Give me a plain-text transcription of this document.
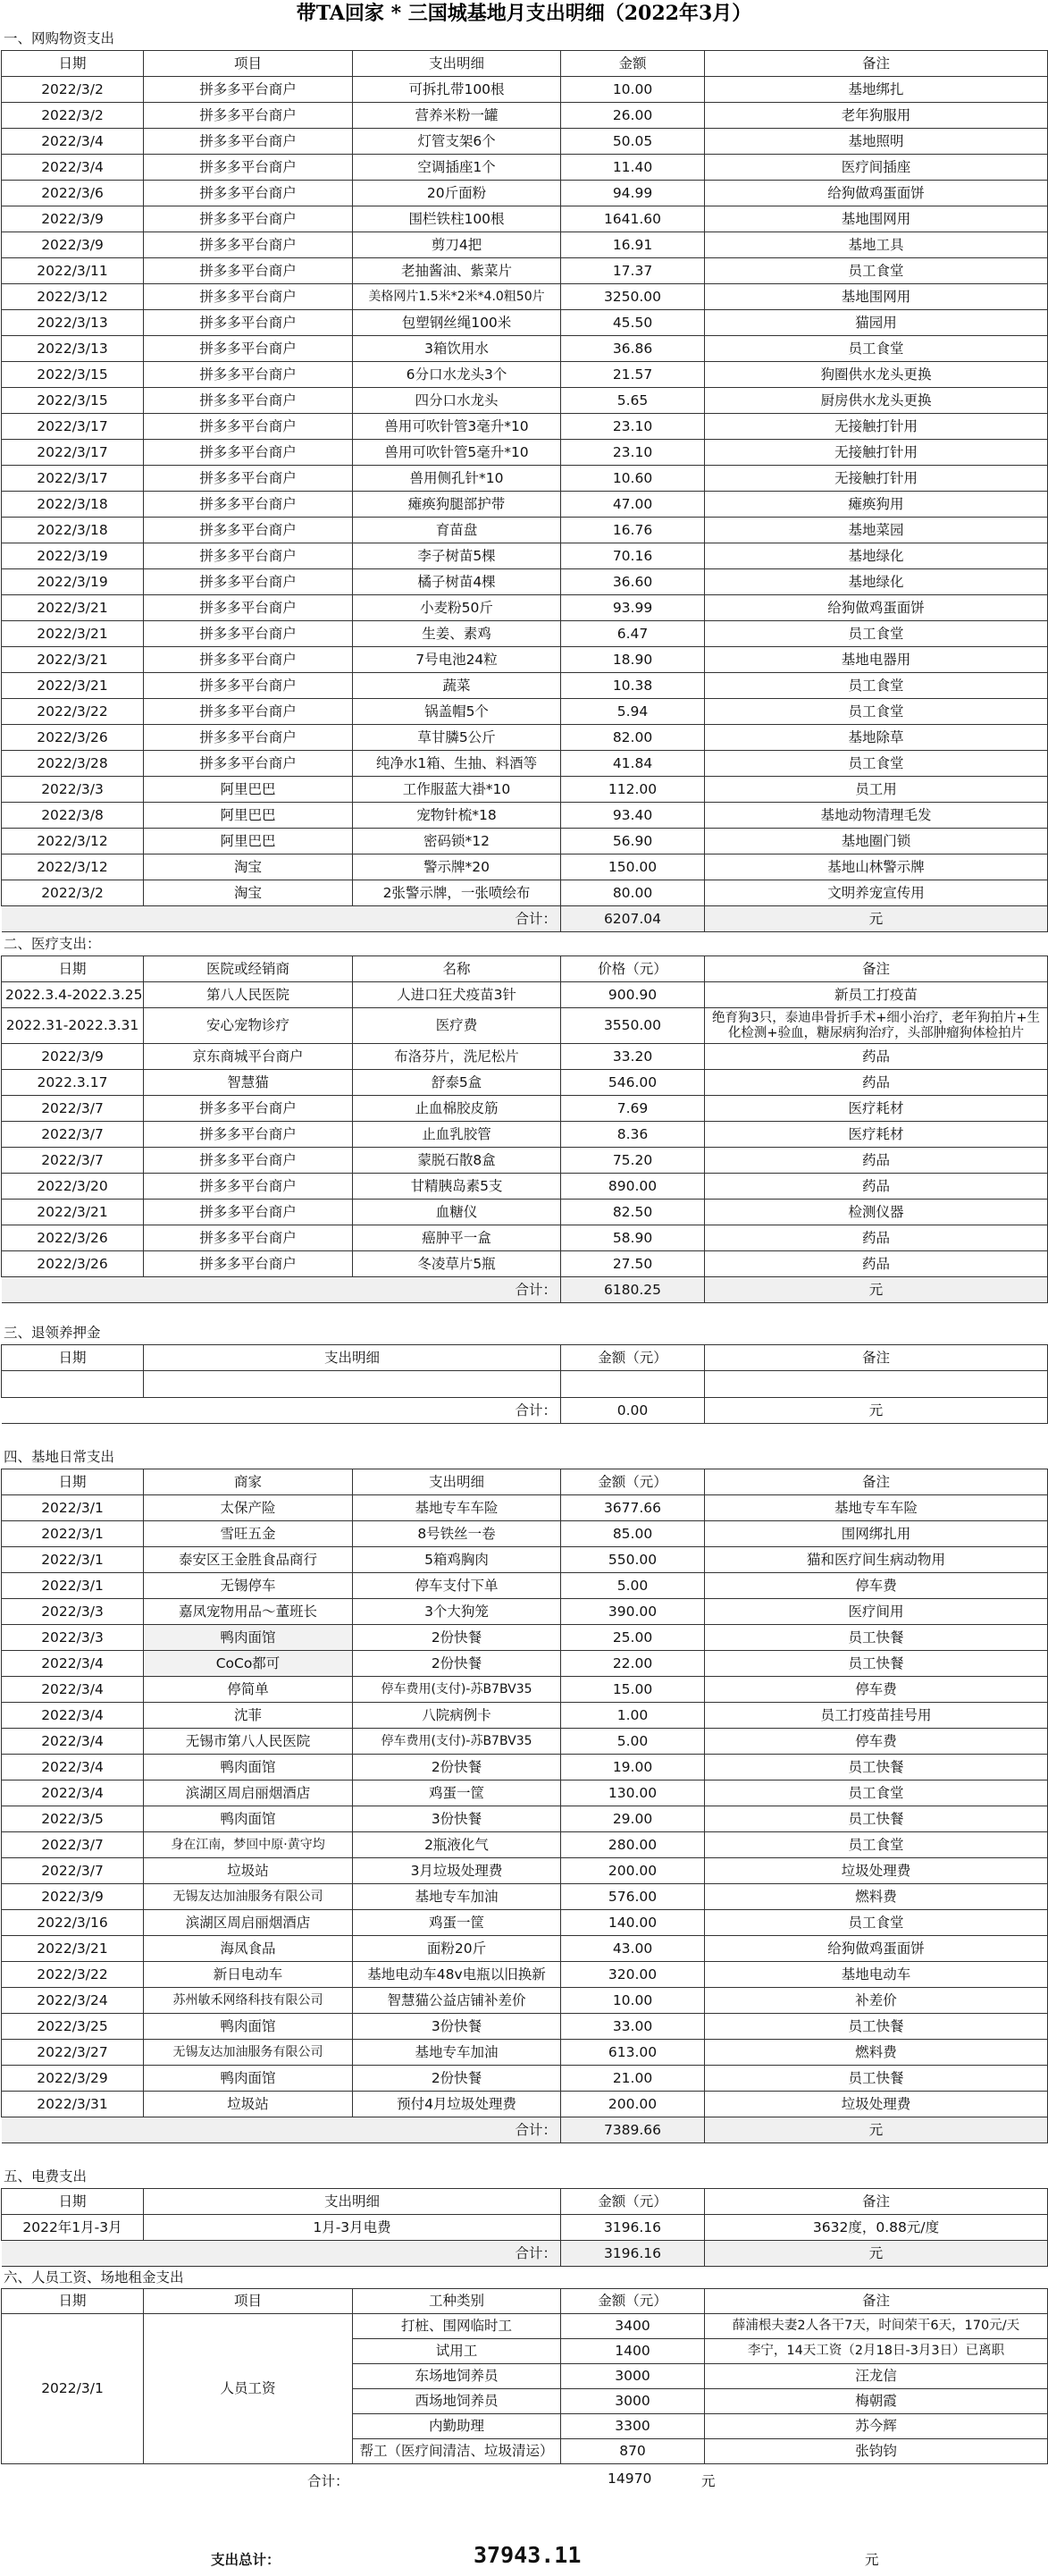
带TA回家 * 三国城基地月支出明细（2022年3月）
一、网购物资支出
日期	项目	支出明细	金额	备注
2022/3/2	拼多多平台商户	可拆扎带100根	10.00	基地绑扎
2022/3/2	拼多多平台商户	营养米粉一罐	26.00	老年狗服用
2022/3/4	拼多多平台商户	灯管支架6个	50.05	基地照明
2022/3/4	拼多多平台商户	空调插座1个	11.40	医疗间插座
2022/3/6	拼多多平台商户	20斤面粉	94.99	给狗做鸡蛋面饼
2022/3/9	拼多多平台商户	围栏铁柱100根	1641.60	基地围网用
2022/3/9	拼多多平台商户	剪刀4把	16.91	基地工具
2022/3/11	拼多多平台商户	老抽酱油、紫菜片	17.37	员工食堂
2022/3/12	拼多多平台商户	美格网片1.5米*2米*4.0粗50片	3250.00	基地围网用
2022/3/13	拼多多平台商户	包塑钢丝绳100米	45.50	猫园用
2022/3/13	拼多多平台商户	3箱饮用水	36.86	员工食堂
2022/3/15	拼多多平台商户	6分口水龙头3个	21.57	狗圈供水龙头更换
2022/3/15	拼多多平台商户	四分口水龙头	5.65	厨房供水龙头更换
2022/3/17	拼多多平台商户	兽用可吹针管3毫升*10	23.10	无接触打针用
2022/3/17	拼多多平台商户	兽用可吹针管5毫升*10	23.10	无接触打针用
2022/3/17	拼多多平台商户	兽用侧孔针*10	10.60	无接触打针用
2022/3/18	拼多多平台商户	瘫痪狗腿部护带	47.00	瘫痪狗用
2022/3/18	拼多多平台商户	育苗盘	16.76	基地菜园
2022/3/19	拼多多平台商户	李子树苗5棵	70.16	基地绿化
2022/3/19	拼多多平台商户	橘子树苗4棵	36.60	基地绿化
2022/3/21	拼多多平台商户	小麦粉50斤	93.99	给狗做鸡蛋面饼
2022/3/21	拼多多平台商户	生姜、素鸡	6.47	员工食堂
2022/3/21	拼多多平台商户	7号电池24粒	18.90	基地电器用
2022/3/21	拼多多平台商户	蔬菜	10.38	员工食堂
2022/3/22	拼多多平台商户	锅盖帽5个	5.94	员工食堂
2022/3/26	拼多多平台商户	草甘膦5公斤	82.00	基地除草
2022/3/28	拼多多平台商户	纯净水1箱、生抽、料酒等	41.84	员工食堂
2022/3/3	阿里巴巴	工作服蓝大褂*10	112.00	员工用
2022/3/8	阿里巴巴	宠物针梳*18	93.40	基地动物清理毛发
2022/3/12	阿里巴巴	密码锁*12	56.90	基地圈门锁
2022/3/12	淘宝	警示牌*20	150.00	基地山林警示牌
2022/3/2	淘宝	2张警示牌，一张喷绘布	80.00	文明养宠宣传用
		合计：	6207.04	元
二、医疗支出：
日期	医院或经销商	名称	价格（元）	备注
2022.3.4-2022.3.25	第八人民医院	人进口狂犬疫苗3针	900.90	新员工打疫苗
2022.31-2022.3.31	安心宠物诊疗	医疗费	3550.00	绝育狗3只，泰迪串骨折手术+细小治疗，老年狗拍片+生化检测+验血，糖尿病狗治疗，头部肿瘤狗体检拍片
2022/3/9	京东商城平台商户	布洛芬片，洗尼松片	33.20	药品
2022.3.17	智慧猫	舒泰5盒	546.00	药品
2022/3/7	拼多多平台商户	止血棉胶皮筋	7.69	医疗耗材
2022/3/7	拼多多平台商户	止血乳胶管	8.36	医疗耗材
2022/3/7	拼多多平台商户	蒙脱石散8盒	75.20	药品
2022/3/20	拼多多平台商户	甘精胰岛素5支	890.00	药品
2022/3/21	拼多多平台商户	血糖仪	82.50	检测仪器
2022/3/26	拼多多平台商户	癌肿平一盒	58.90	药品
2022/3/26	拼多多平台商户	冬凌草片5瓶	27.50	药品
		合计：	6180.25	元
三、退领养押金
日期	支出明细	金额（元）	备注

	合计：	0.00	元
四、基地日常支出
日期	商家	支出明细	金额（元）	备注
2022/3/1	太保产险	基地专车车险	3677.66	基地专车车险
2022/3/1	雪旺五金	8号铁丝一卷	85.00	围网绑扎用
2022/3/1	泰安区王金胜食品商行	5箱鸡胸肉	550.00	猫和医疗间生病动物用
2022/3/1	无锡停车	停车支付下单	5.00	停车费
2022/3/3	嘉凤宠物用品～董班长	3个大狗笼	390.00	医疗间用
2022/3/3	鸭肉面馆	2份快餐	25.00	员工快餐
2022/3/4	CoCo都可	2份快餐	22.00	员工快餐
2022/3/4	停简单	停车费用(支付)-苏B7BV35	15.00	停车费
2022/3/4	沈菲	八院病例卡	1.00	员工打疫苗挂号用
2022/3/4	无锡市第八人民医院	停车费用(支付)-苏B7BV35	5.00	停车费
2022/3/4	鸭肉面馆	2份快餐	19.00	员工快餐
2022/3/4	滨湖区周启丽烟酒店	鸡蛋一筐	130.00	员工食堂
2022/3/5	鸭肉面馆	3份快餐	29.00	员工快餐
2022/3/7	身在江南，梦回中原·黄守均	2瓶液化气	280.00	员工食堂
2022/3/7	垃圾站	3月垃圾处理费	200.00	垃圾处理费
2022/3/9	无锡友达加油服务有限公司	基地专车加油	576.00	燃料费
2022/3/16	滨湖区周启丽烟酒店	鸡蛋一筐	140.00	员工食堂
2022/3/21	海凤食品	面粉20斤	43.00	给狗做鸡蛋面饼
2022/3/22	新日电动车	基地电动车48v电瓶以旧换新	320.00	基地电动车
2022/3/24	苏州敏禾网络科技有限公司	智慧猫公益店铺补差价	10.00	补差价
2022/3/25	鸭肉面馆	3份快餐	33.00	员工快餐
2022/3/27	无锡友达加油服务有限公司	基地专车加油	613.00	燃料费
2022/3/29	鸭肉面馆	2份快餐	21.00	员工快餐
2022/3/31	垃圾站	预付4月垃圾处理费	200.00	垃圾处理费
		合计：	7389.66	元
五、电费支出
日期	支出明细	金额（元）	备注
2022年1月-3月	1月-3月电费	3196.16	3632度，0.88元/度
	合计：	3196.16	元
六、人员工资、场地租金支出
日期	项目	工种类别	金额（元）	备注
2022/3/1	人员工资	打桩、围网临时工	3400	薛浦根夫妻2人各干7天，时间荣干6天，170元/天
		试用工	1400	李宁，14天工资（2月18日-3月3日）已离职
		东场地饲养员	3000	汪龙信
		西场地饲养员	3000	梅朝霞
		内勤助理	3300	苏今辉
		帮工（医疗间清洁、垃圾清运）	870	张钧钧
合计：	14970	元
支出总计：	37943.11	元
